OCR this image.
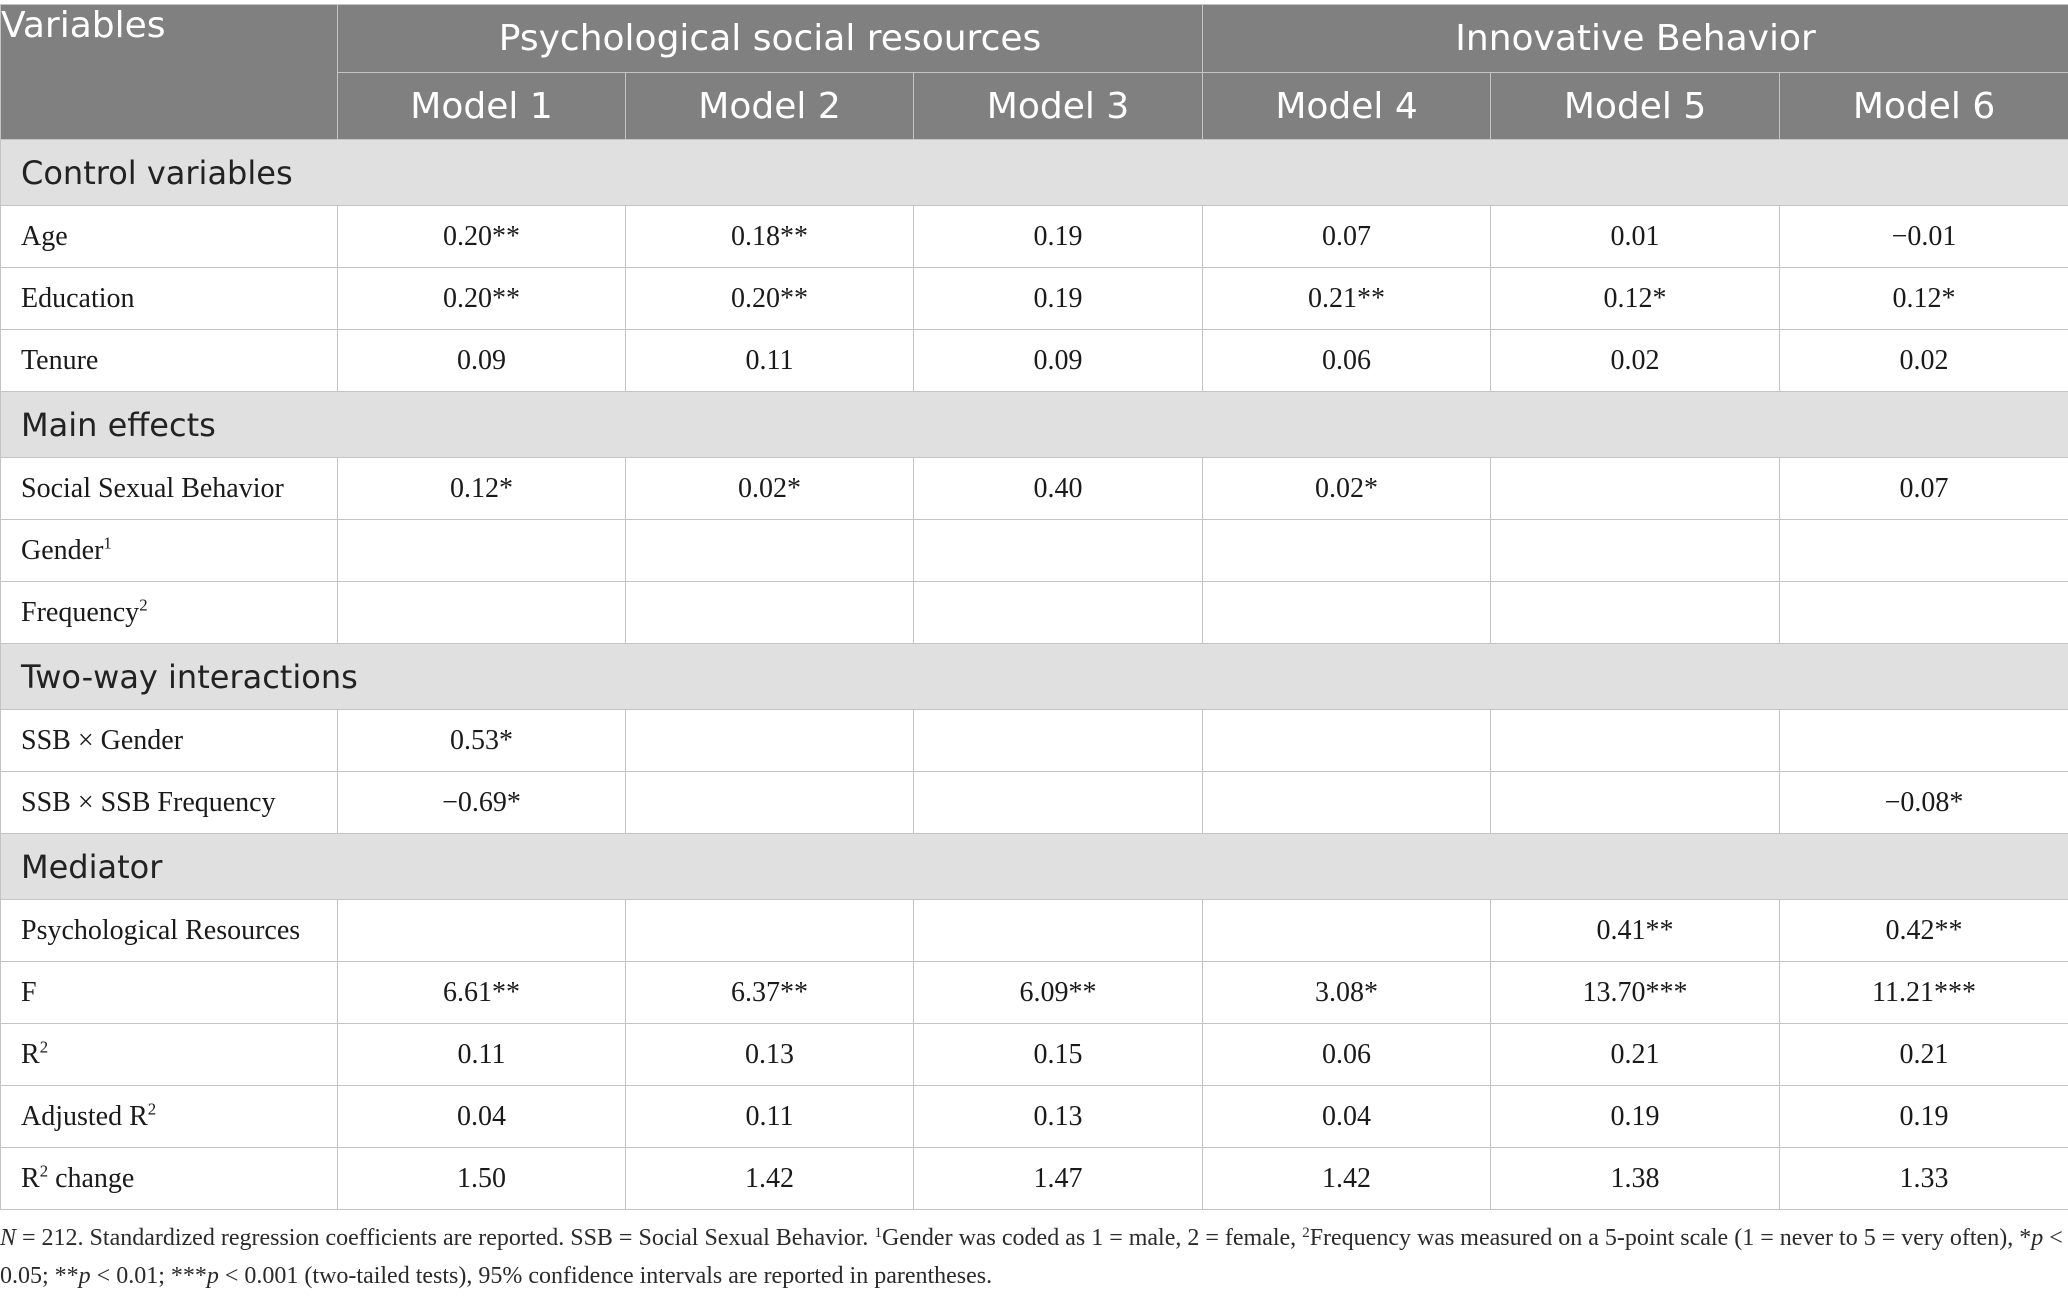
Variables	Psychological social resources			Innovative Behavior		
	Model 1	Model 2	Model 3	Model 4	Model 5	Model 6
Control variables						
Age	0.20**	0.18**	0.19	0.07	0.01	−0.01
Education	0.20**	0.20**	0.19	0.21**	0.12*	0.12*
Tenure	0.09	0.11	0.09	0.06	0.02	0.02
Main effects						
Social Sexual Behavior	0.12*	0.02*	0.40	0.02*		0.07
Gender$^1$						
Frequency$^2$						
Two-way interactions						
SSB × Gender	0.53*					
SSB × SSB Frequency	−0.69*					−0.08*
Mediator						
Psychological Resources					0.41**	0.42**
F	6.61**	6.37**	6.09**	3.08*	13.70***	11.21***
$R^2$	0.11	0.13	0.15	0.06	0.21	0.21
Adjusted $R^2$	0.04	0.11	0.13	0.04	0.19	0.19
$R^2$ change	1.50	1.42	1.47	1.42	1.38	1.33
N = 212. Standardized regression coefficients are reported. SSB = Social Sexual Behavior. $^1$Gender was coded as 1 = male, 2 = female, $^2$Frequency was measured on a 5-point scale (1 = never to 5 = very often), *p < 0.05; **p < 0.01; ***p < 0.001 (two-tailed tests), 95% confidence intervals are reported in parentheses.
